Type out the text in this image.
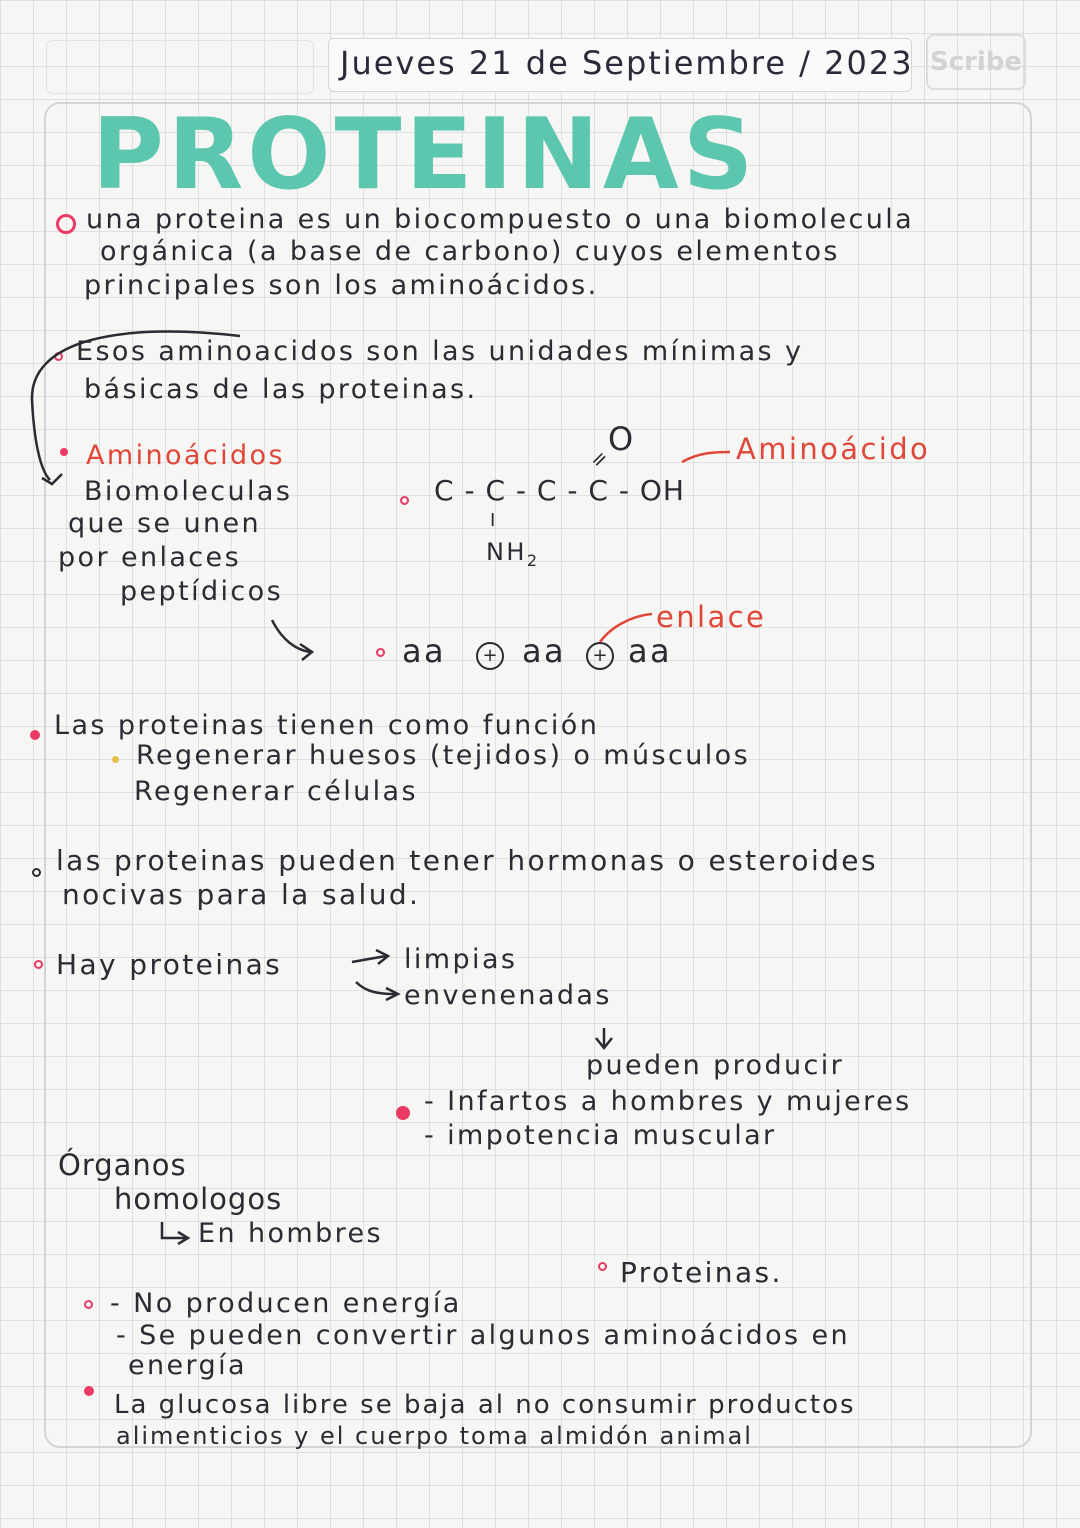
Jueves 21 de Septiembre / 2023 Scribe
PROTEINAS
una proteina es un biocompuesto o una biomolecula
orgánica (a base de carbono) cuyos elementos
principales son los aminoácidos.
Esos aminoacidos son las unidades mínimas y
básicas de las proteinas.
Aminoácidos
Biomoleculas
que se unen
por enlaces
peptídicos
O
=
C - C - C - C - OH
I
$NH_2$
Aminoácido
enlace
aa	+ aa	+ aa
Las proteinas tienen como función
Regenerar huesos (tejidos) o músculos
Regenerar células
las proteinas pueden tener hormonas o esteroides
nocivas para la salud.
Hay proteinas	limpias
envenenadas
pueden producir
- Infartos a hombres y mujeres
- impotencia muscular
Órganos
homologos
En hombres
Proteinas.
- No producen energía
- Se pueden convertir algunos aminoácidos en
energía
La glucosa libre se baja al no consumir productos
alimenticios y el cuerpo toma almidón animal
